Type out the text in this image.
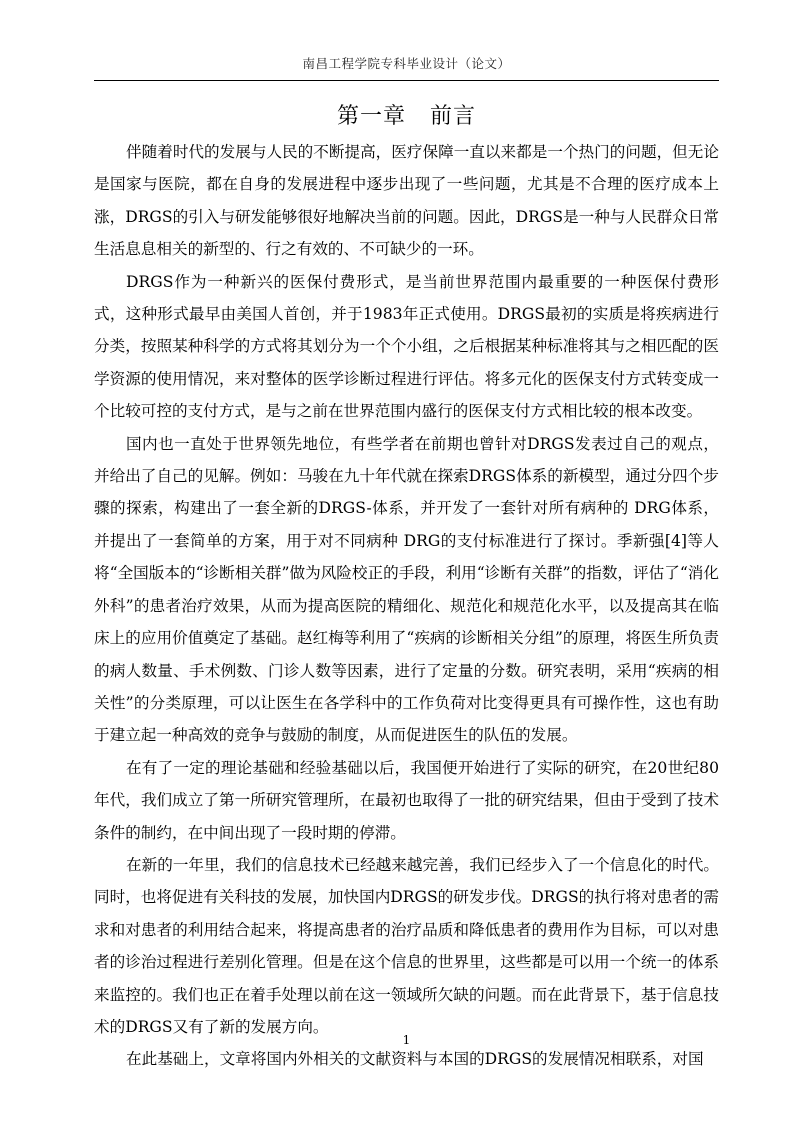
南昌工程学院专科毕业设计（论文）
第一章 前言

伴随着时代的发展与人民的不断提高，医疗保障一直以来都是一个热门的问题，但无论是国家与医院，都在自身的发展进程中逐步出现了一些问题，尤其是不合理的医疗成本上涨，DRGS的引入与研发能够很好地解决当前的问题。因此，DRGS是一种与人民群众日常生活息息相关的新型的、行之有效的、不可缺少的一环。

DRGS作为一种新兴的医保付费形式，是当前世界范围内最重要的一种医保付费形式，这种形式最早由美国人首创，并于1983年正式使用。DRGS最初的实质是将疾病进行分类，按照某种科学的方式将其划分为一个个小组，之后根据某种标准将其与之相匹配的医学资源的使用情况，来对整体的医学诊断过程进行评估。将多元化的医保支付方式转变成一个比较可控的支付方式，是与之前在世界范围内盛行的医保支付方式相比较的根本改变。

国内也一直处于世界领先地位，有些学者在前期也曾针对DRGS发表过自己的观点，并给出了自己的见解。例如：马骏在九十年代就在探索DRGS体系的新模型，通过分四个步骤的探索，构建出了一套全新的DRGS-体系，并开发了一套针对所有病种的 DRG体系，并提出了一套简单的方案，用于对不同病种 DRG的支付标准进行了探讨。季新强[4]等人将“全国版本的“诊断相关群”做为风险校正的手段，利用“诊断有关群”的指数，评估了“消化外科”的患者治疗效果，从而为提高医院的精细化、规范化和规范化水平，以及提高其在临床上的应用价值奠定了基础。赵红梅等利用了“疾病的诊断相关分组”的原理，将医生所负责的病人数量、手术例数、门诊人数等因素，进行了定量的分数。研究表明，采用“疾病的相关性”的分类原理，可以让医生在各学科中的工作负荷对比变得更具有可操作性，这也有助于建立起一种高效的竞争与鼓励的制度，从而促进医生的队伍的发展。

在有了一定的理论基础和经验基础以后，我国便开始进行了实际的研究，在20世纪80年代，我们成立了第一所研究管理所，在最初也取得了一批的研究结果，但由于受到了技术条件的制约，在中间出现了一段时期的停滞。

在新的一年里，我们的信息技术已经越来越完善，我们已经步入了一个信息化的时代。同时，也将促进有关科技的发展，加快国内DRGS的研发步伐。DRGS的执行将对患者的需求和对患者的利用结合起来，将提高患者的治疗品质和降低患者的费用作为目标，可以对患者的诊治过程进行差别化管理。但是在这个信息的世界里，这些都是可以用一个统一的体系来监控的。我们也正在着手处理以前在这一领域所欠缺的问题。而在此背景下，基于信息技术的DRGS又有了新的发展方向。

在此基础上，文章将国内外相关的文献资料与本国的DRGS的发展情况相联系，对国

1
